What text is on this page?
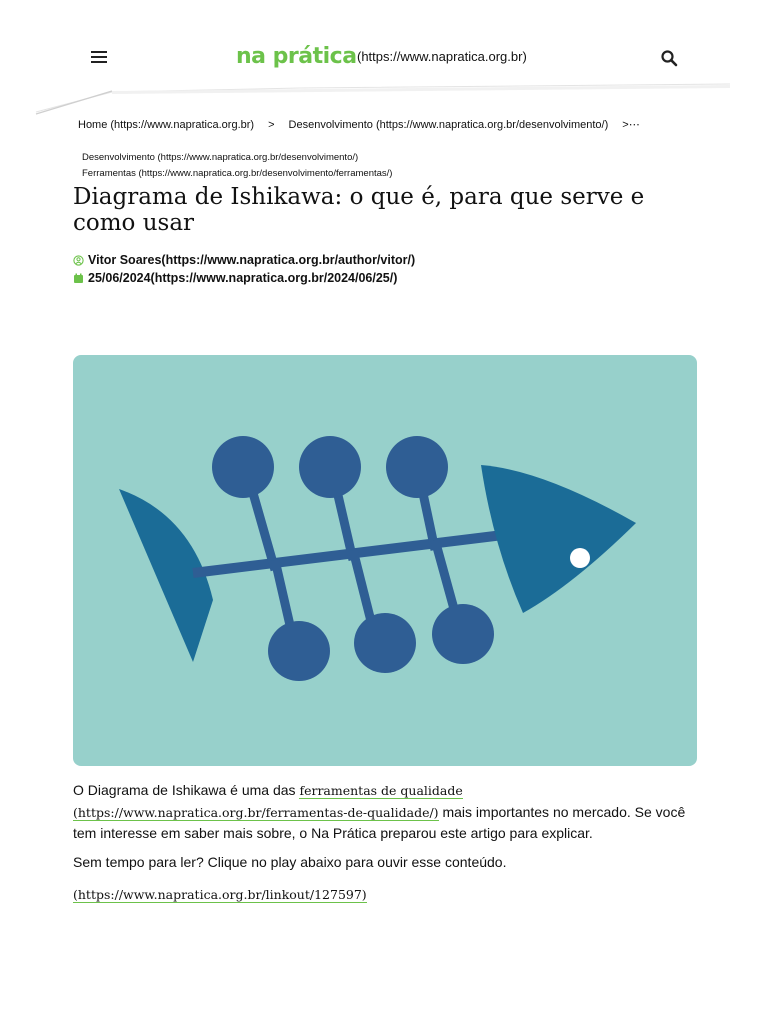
na prática (https://www.napratica.org.br)
Home (https://www.napratica.org.br) > Desenvolvimento (https://www.napratica.org.br/desenvolvimento/) >⋯
Desenvolvimento (https://www.napratica.org.br/desenvolvimento/)
Ferramentas (https://www.napratica.org.br/desenvolvimento/ferramentas/)
Diagrama de Ishikawa: o que é, para que serve e como usar
Vitor Soares(https://www.napratica.org.br/author/vitor/)
25/06/2024(https://www.napratica.org.br/2024/06/25/)

O Diagrama de Ishikawa é uma das ferramentas de qualidade (https://www.napratica.org.br/ferramentas-de-qualidade/) mais importantes no mercado. Se você tem interesse em saber mais sobre, o Na Prática preparou este artigo para explicar.

Sem tempo para ler? Clique no play abaixo para ouvir esse conteúdo.

(https://www.napratica.org.br/linkout/127597)
